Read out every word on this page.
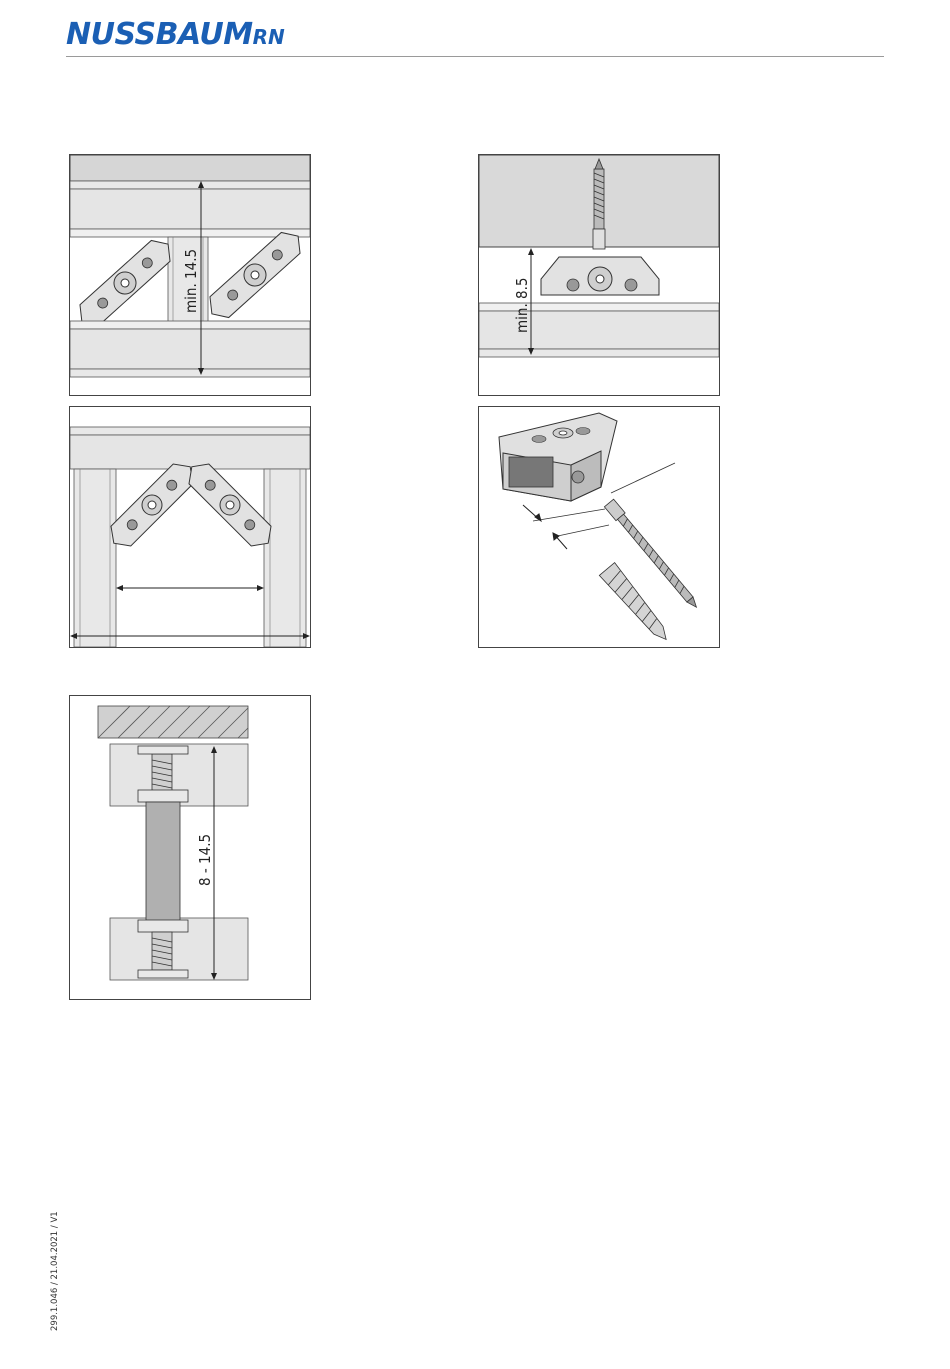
NUSSBAUMRN
min. 14.5	min. 8.5
8 - 14.5
299.1.046 / 21.04.2021 / V1
